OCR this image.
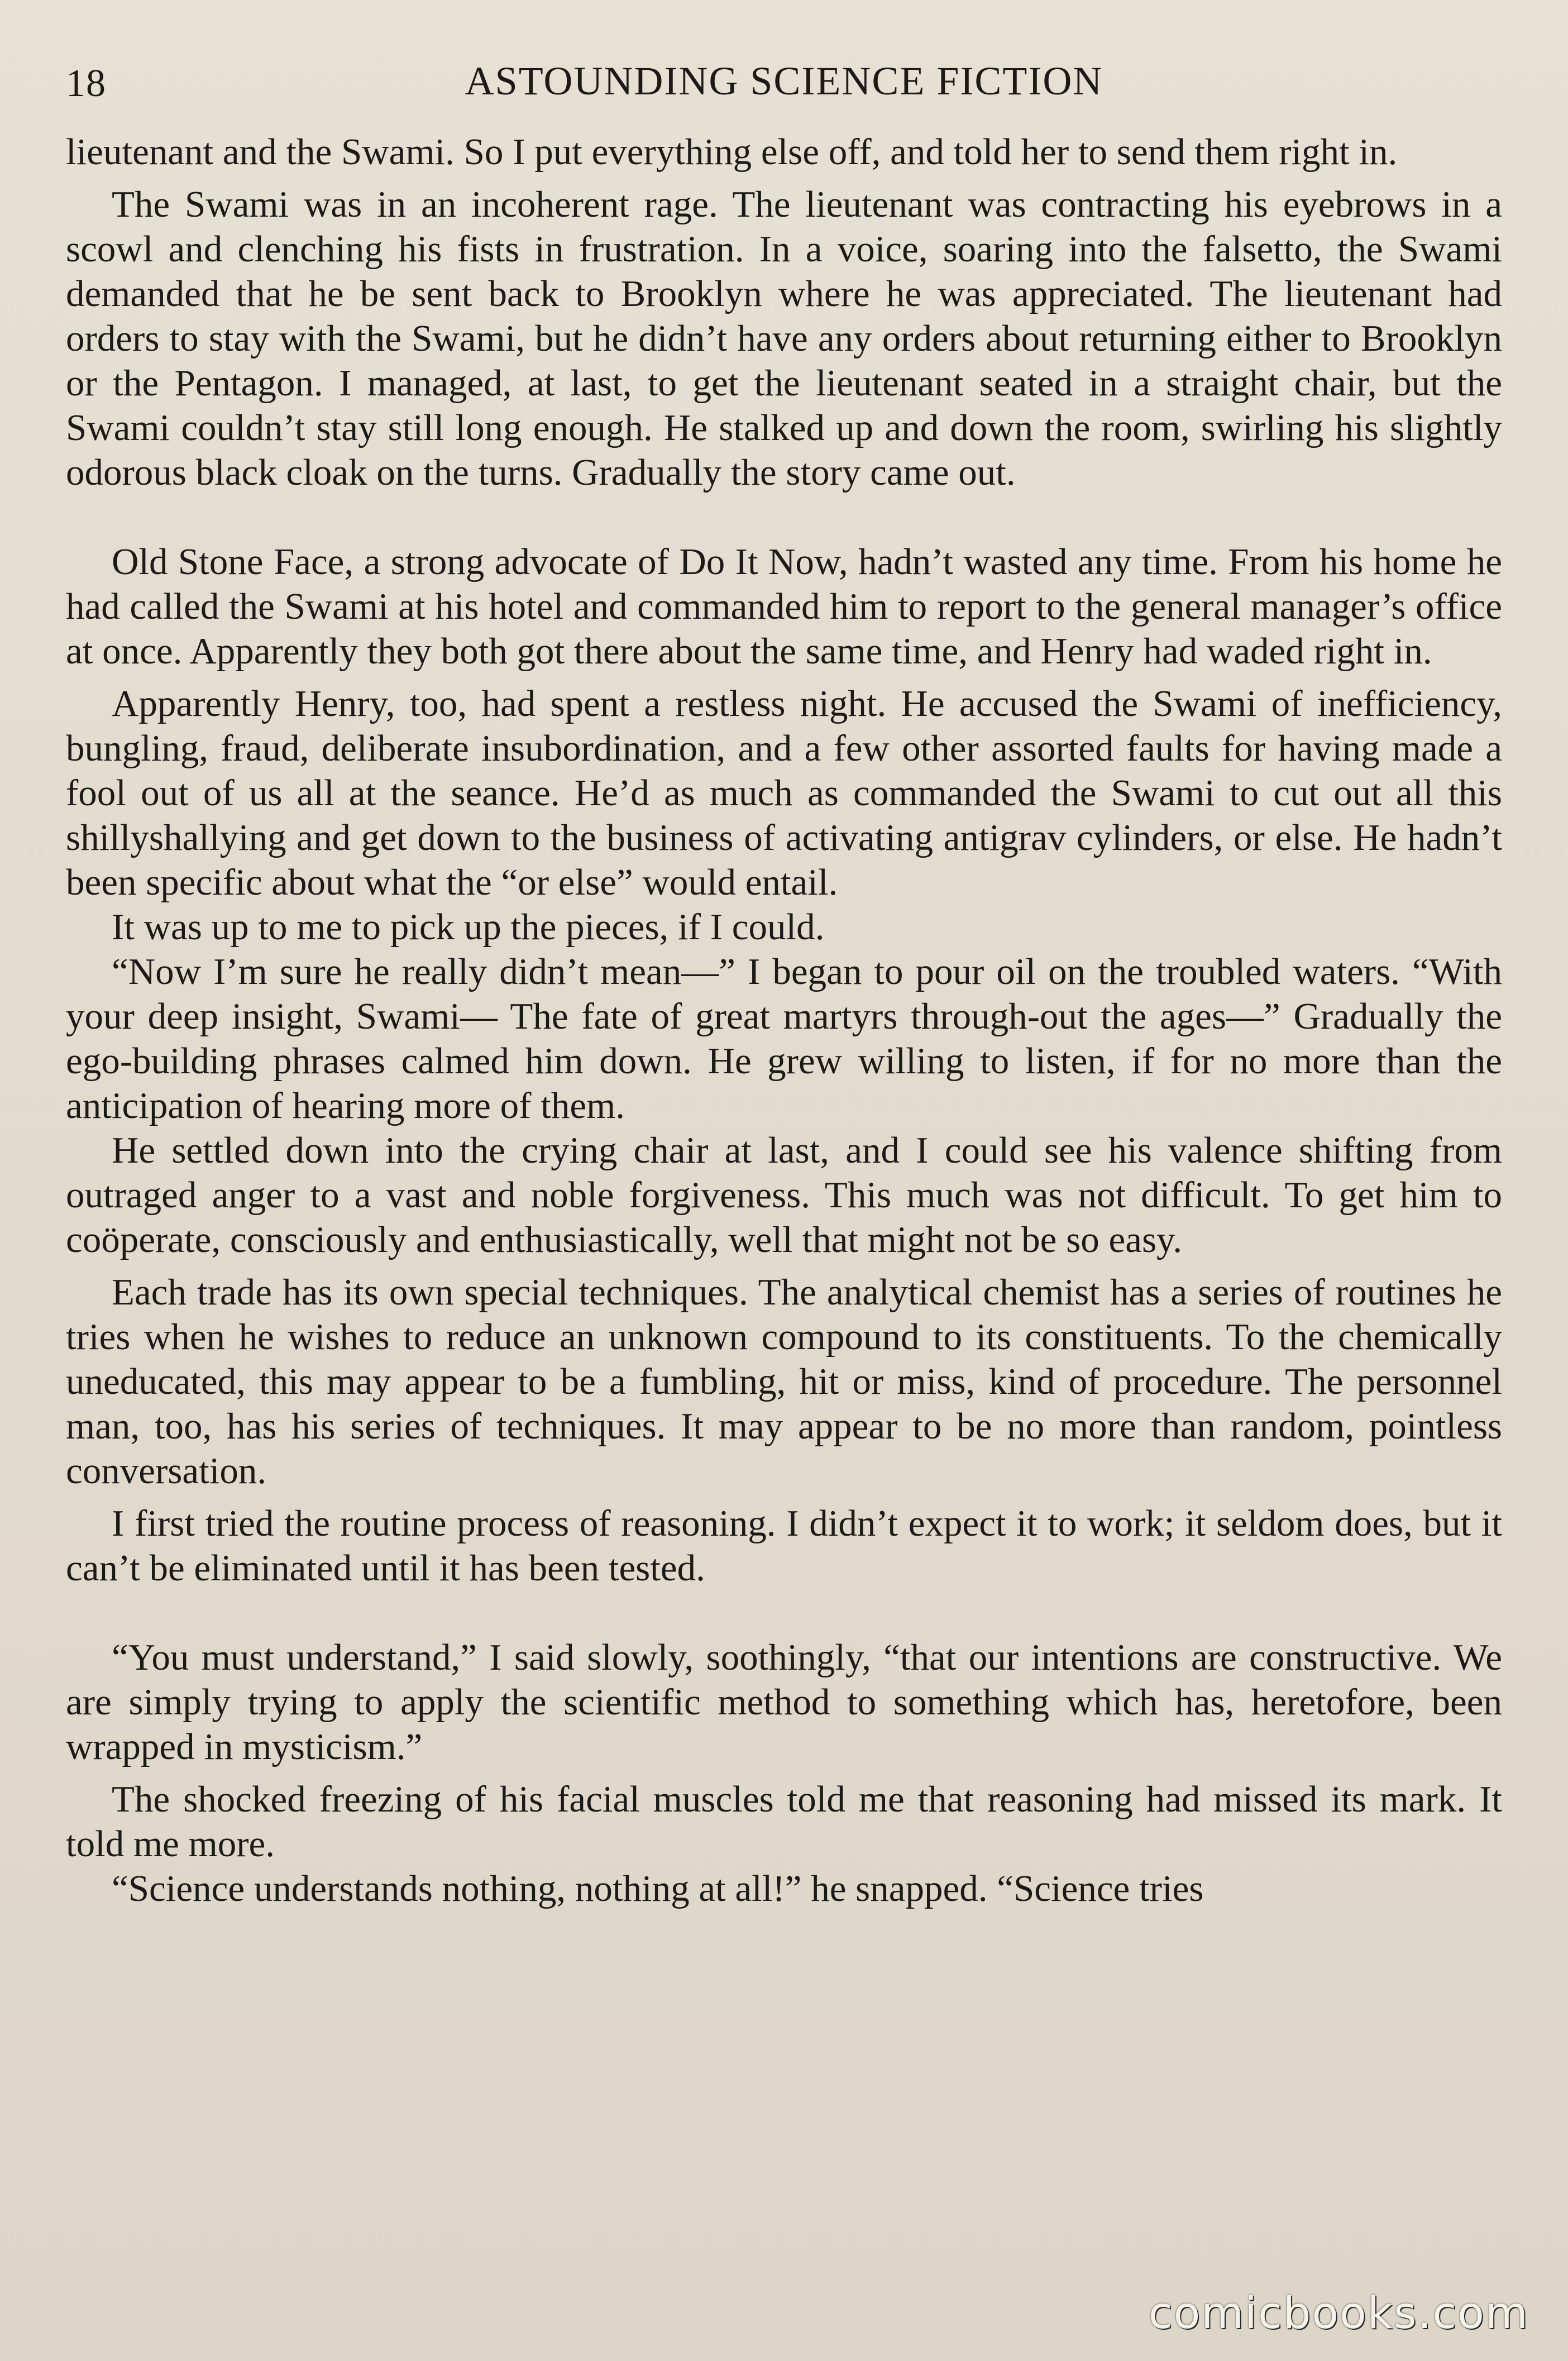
18	ASTOUNDING SCIENCE FICTION

lieutenant and the Swami. So I put everything else off, and told her to send them right in.

The Swami was in an incoherent rage. The lieutenant was contracting his eyebrows in a scowl and clenching his fists in frustration. In a voice, soaring into the falsetto, the Swami demanded that he be sent back to Brooklyn where he was appreciated. The lieutenant had orders to stay with the Swami, but he didn’t have any orders about returning either to Brooklyn or the Pentagon. I managed, at last, to get the lieutenant seated in a straight chair, but the Swami couldn’t stay still long enough. He stalked up and down the room, swirling his slightly odorous black cloak on the turns. Gradually the story came out.

Old Stone Face, a strong advocate of Do It Now, hadn’t wasted any time. From his home he had called the Swami at his hotel and commanded him to report to the general manager’s office at once. Apparently they both got there about the same time, and Henry had waded right in.

Apparently Henry, too, had spent a restless night. He accused the Swami of inefficiency, bungling, fraud, deliberate insubordination, and a few other assorted faults for having made a fool out of us all at the seance. He’d as much as commanded the Swami to cut out all this shillyshallying and get down to the business of activating antigrav cylinders, or else. He hadn’t been specific about what the “or else” would entail.

It was up to me to pick up the pieces, if I could.

“Now I’m sure he really didn’t mean—” I began to pour oil on the troubled waters. “With your deep insight, Swami— The fate of great martyrs through-out the ages—” Gradually the ego-building phrases calmed him down. He grew willing to listen, if for no more than the anticipation of hearing more of them.

He settled down into the crying chair at last, and I could see his valence shifting from outraged anger to a vast and noble forgiveness. This much was not difficult. To get him to coöperate, consciously and enthusiastically, well that might not be so easy.

Each trade has its own special techniques. The analytical chemist has a series of routines he tries when he wishes to reduce an unknown compound to its constituents. To the chemically uneducated, this may appear to be a fumbling, hit or miss, kind of procedure. The personnel man, too, has his series of techniques. It may appear to be no more than random, pointless conversation.

I first tried the routine process of reasoning. I didn’t expect it to work; it seldom does, but it can’t be eliminated until it has been tested.

“You must understand,” I said slowly, soothingly, “that our intentions are constructive. We are simply trying to apply the scientific method to something which has, heretofore, been wrapped in mysticism.”

The shocked freezing of his facial muscles told me that reasoning had missed its mark. It told me more.

“Science understands nothing, nothing at all!” he snapped. “Science tries

comicbooks.com
